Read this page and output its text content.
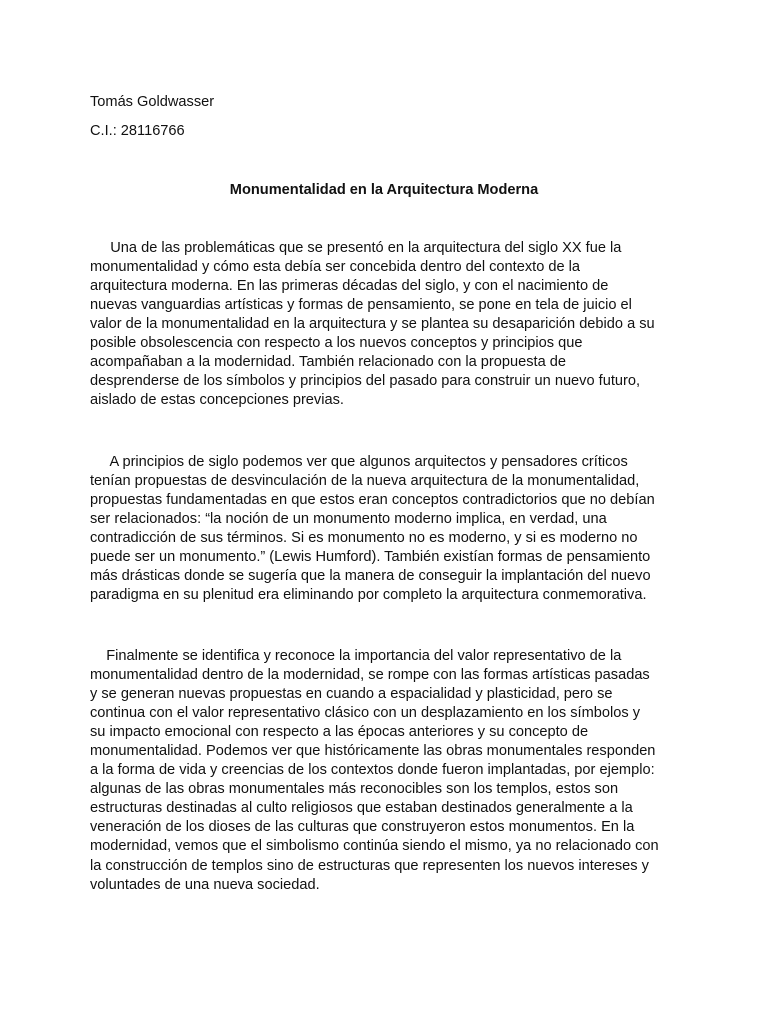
Tomás Goldwasser

C.I.: 28116766

Monumentalidad en la Arquitectura Moderna

Una de las problemáticas que se presentó en la arquitectura del siglo XX fue la
monumentalidad y cómo esta debía ser concebida dentro del contexto de la
arquitectura moderna. En las primeras décadas del siglo, y con el nacimiento de
nuevas vanguardias artísticas y formas de pensamiento, se pone en tela de juicio el
valor de la monumentalidad en la arquitectura y se plantea su desaparición debido a su
posible obsolescencia con respecto a los nuevos conceptos y principios que
acompañaban a la modernidad. También relacionado con la propuesta de
desprenderse de los símbolos y principios del pasado para construir un nuevo futuro,
aislado de estas concepciones previas.
A principios de siglo podemos ver que algunos arquitectos y pensadores críticos
tenían propuestas de desvinculación de la nueva arquitectura de la monumentalidad,
propuestas fundamentadas en que estos eran conceptos contradictorios que no debían
ser relacionados: “la noción de un monumento moderno implica, en verdad, una
contradicción de sus términos. Si es monumento no es moderno, y si es moderno no
puede ser un monumento.” (Lewis Humford). También existían formas de pensamiento
más drásticas donde se sugería que la manera de conseguir la implantación del nuevo
paradigma en su plenitud era eliminando por completo la arquitectura conmemorativa.
Finalmente se identifica y reconoce la importancia del valor representativo de la
monumentalidad dentro de la modernidad, se rompe con las formas artísticas pasadas
y se generan nuevas propuestas en cuando a espacialidad y plasticidad, pero se
continua con el valor representativo clásico con un desplazamiento en los símbolos y
su impacto emocional con respecto a las épocas anteriores y su concepto de
monumentalidad. Podemos ver que históricamente las obras monumentales responden
a la forma de vida y creencias de los contextos donde fueron implantadas, por ejemplo:
algunas de las obras monumentales más reconocibles son los templos, estos son
estructuras destinadas al culto religiosos que estaban destinados generalmente a la
veneración de los dioses de las culturas que construyeron estos monumentos. En la
modernidad, vemos que el simbolismo continúa siendo el mismo, ya no relacionado con
la construcción de templos sino de estructuras que representen los nuevos intereses y
voluntades de una nueva sociedad.
